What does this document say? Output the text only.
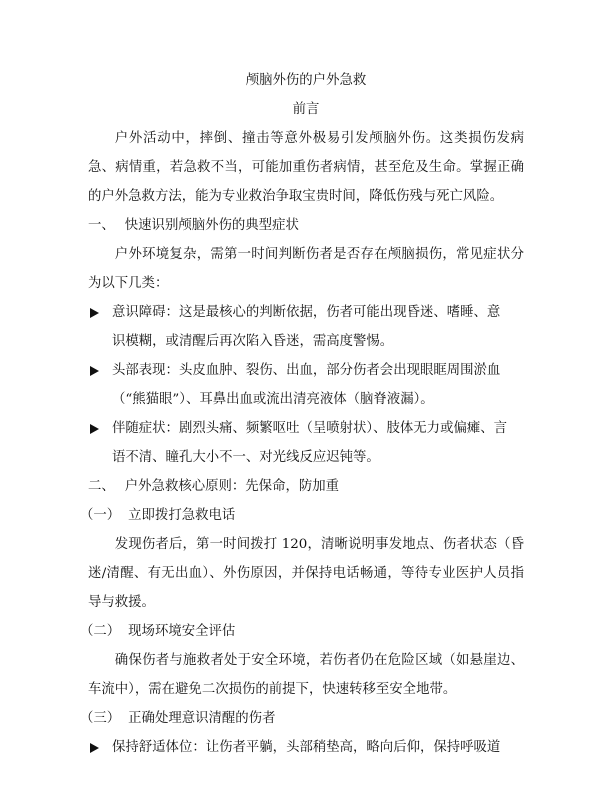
颅脑外伤的户外急救

前言

户外活动中，摔倒、撞击等意外极易引发颅脑外伤。这类损伤发病急、病情重，若急救不当，可能加重伤者病情，甚至危及生命。掌握正确的户外急救方法，能为专业救治争取宝贵时间，降低伤残与死亡风险。

一、 快速识别颅脑外伤的典型症状

户外环境复杂，需第一时间判断伤者是否存在颅脑损伤，常见症状分为以下几类：

意识障碍：这是最核心的判断依据，伤者可能出现昏迷、嗜睡、意
识模糊，或清醒后再次陷入昏迷，需高度警惕。
头部表现：头皮血肿、裂伤、出血，部分伤者会出现眼眶周围淤血
（“熊猫眼”）、耳鼻出血或流出清亮液体（脑脊液漏）。
伴随症状：剧烈头痛、频繁呕吐（呈喷射状）、肢体无力或偏瘫、言
语不清、瞳孔大小不一、对光线反应迟钝等。

二、 户外急救核心原则：先保命，防加重

（一） 立即拨打急救电话

发现伤者后，第一时间拨打 120，清晰说明事发地点、伤者状态（昏迷/清醒、有无出血）、外伤原因，并保持电话畅通，等待专业医护人员指导与救援。

（二） 现场环境安全评估

确保伤者与施救者处于安全环境，若伤者仍在危险区域（如悬崖边、车流中），需在避免二次损伤的前提下，快速转移至安全地带。

（三） 正确处理意识清醒的伤者

保持舒适体位：让伤者平躺，头部稍垫高，略向后仰，保持呼吸道
